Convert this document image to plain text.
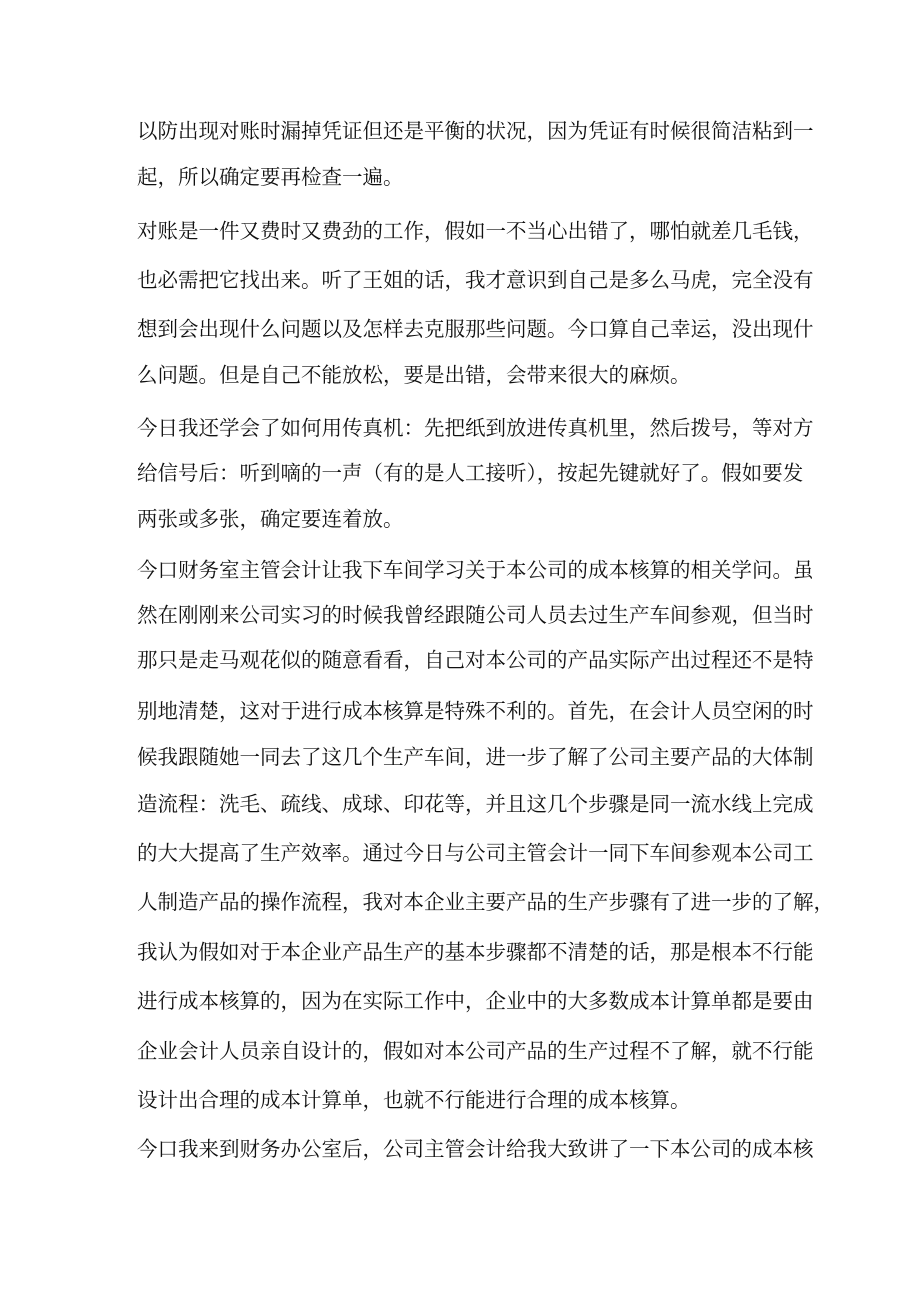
以防出现对账时漏掉凭证但还是平衡的状况，因为凭证有时候很简洁粘到一
起，所以确定要再检查一遍。
对账是一件又费时又费劲的工作，假如一不当心出错了，哪怕就差几毛钱，
也必需把它找出来。听了王姐的话，我才意识到自己是多么马虎，完全没有
想到会出现什么问题以及怎样去克服那些问题。今口算自己幸运，没出现什
么问题。但是自己不能放松，要是出错，会带来很大的麻烦。
今日我还学会了如何用传真机：先把纸到放进传真机里，然后拨号，等对方
给信号后：听到嘀的一声（有的是人工接听），按起先键就好了。假如要发
两张或多张，确定要连着放。
今口财务室主管会计让我下车间学习关于本公司的成本核算的相关学问。虽
然在刚刚来公司实习的时候我曾经跟随公司人员去过生产车间参观，但当时
那只是走马观花似的随意看看，自己对本公司的产品实际产出过程还不是特
别地清楚，这对于进行成本核算是特殊不利的。首先，在会计人员空闲的时
候我跟随她一同去了这几个生产车间，进一步了解了公司主要产品的大体制
造流程：洗毛、疏线、成球、印花等，并且这几个步骤是同一流水线上完成
的大大提高了生产效率。通过今日与公司主管会计一同下车间参观本公司工
人制造产品的操作流程，我对本企业主要产品的生产步骤有了进一步的了解，
我认为假如对于本企业产品生产的基本步骤都不清楚的话，那是根本不行能
进行成本核算的，因为在实际工作中，企业中的大多数成本计算单都是要由
企业会计人员亲自设计的，假如对本公司产品的生产过程不了解，就不行能
设计出合理的成本计算单，也就不行能进行合理的成本核算。
今口我来到财务办公室后，公司主管会计给我大致讲了一下本公司的成本核
